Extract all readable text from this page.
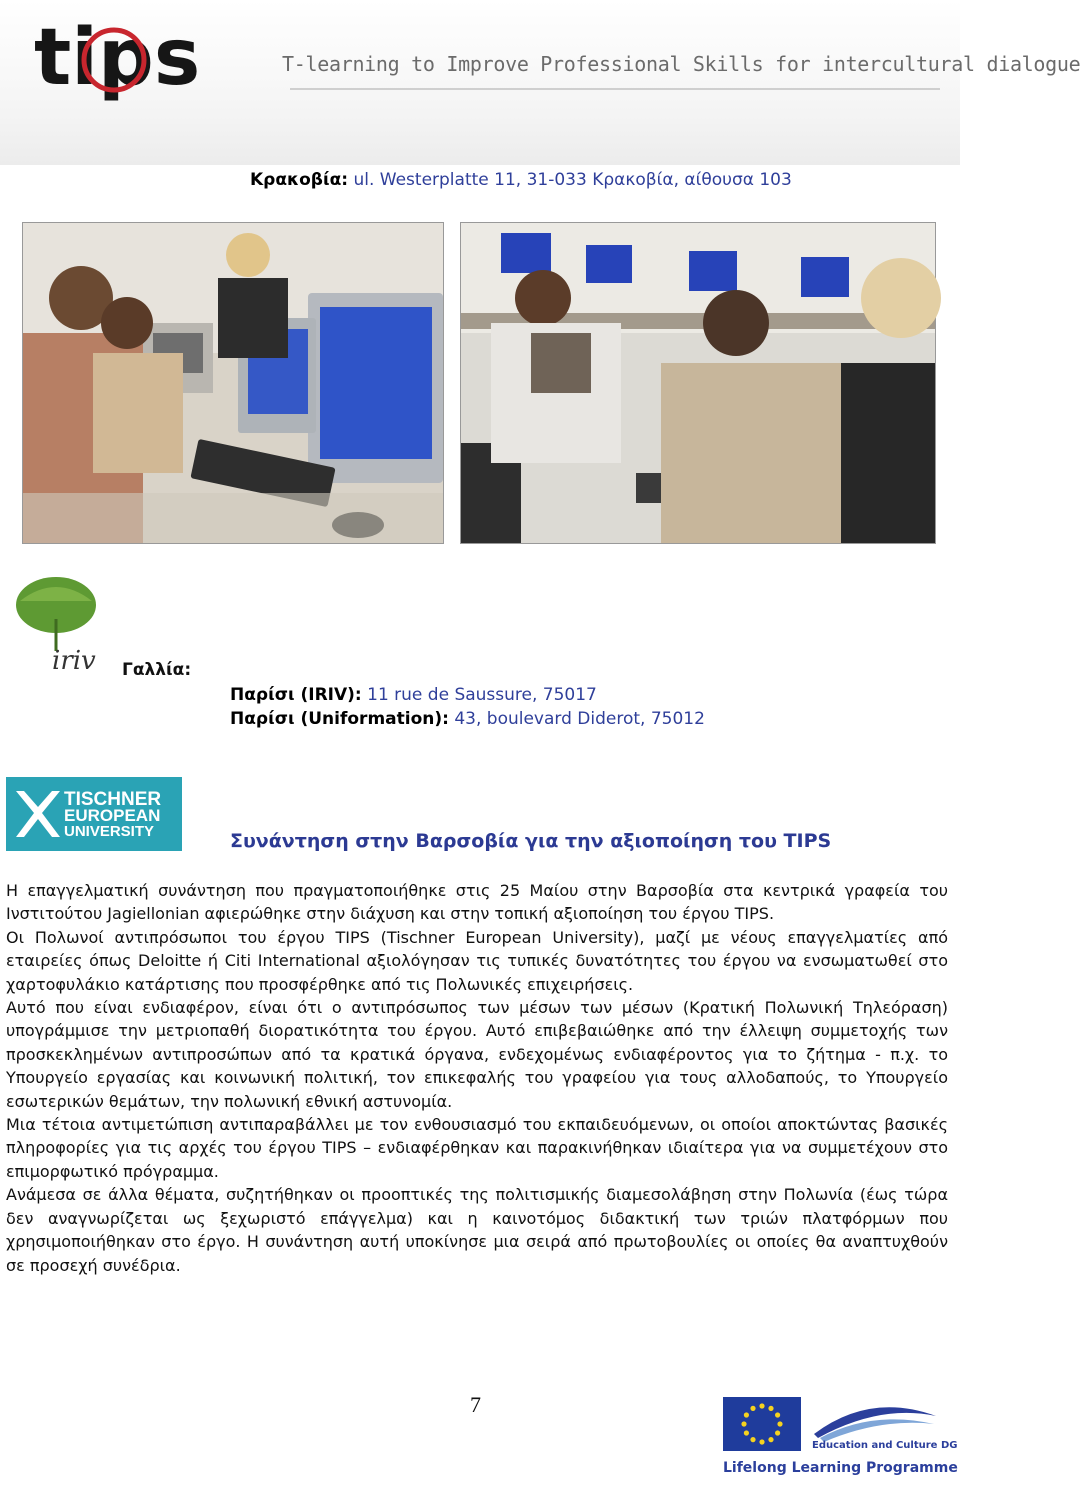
tips	T-learning to Improve Professional Skills for intercultural dialogue
Κρακοβία: ul. Westerplatte 11, 31-033 Κρακοβία, αίθουσα 103
iriv Γαλλία:
Παρίσι (IRIV): 11 rue de Saussure, 75017
Παρίσι (Uniformation): 43, boulevard Diderot, 75012
TISCHNER
EUROPEAN
UNIVERSITY	Συνάντηση στην Βαρσοβία για την αξιοποίηση του TIPS

Η επαγγελματική συνάντηση που πραγματοποιήθηκε στις 25 Μαίου στην Βαρσοβία στα κεντρικά γραφεία του Ινστιτούτου Jagiellonian αφιερώθηκε στην διάχυση και στην τοπική αξιοποίηση του έργου TIPS.

Οι Πολωνοί αντιπρόσωποι του έργου TIPS (Tischner European University), μαζί με νέους επαγγελματίες από εταιρείες όπως Deloitte ή Citi International αξιολόγησαν τις τυπικές δυνατότητες του έργου να ενσωματωθεί στο χαρτοφυλάκιο κατάρτισης που προσφέρθηκε από τις Πολωνικές επιχειρήσεις.

Αυτό που είναι ενδιαφέρον, είναι ότι ο αντιπρόσωπος των μέσων των μέσων (Κρατική Πολωνική Τηλεόραση) υπογράμμισε την μετριοπαθή διορατικότητα του έργου. Αυτό επιβεβαιώθηκε από την έλλειψη συμμετοχής των προσκεκλημένων αντιπροσώπων από τα κρατικά όργανα, ενδεχομένως ενδιαφέροντος για το ζήτημα - π.χ. το Υπουργείο εργασίας και κοινωνική πολιτική, τον επικεφαλής του γραφείου για τους αλλοδαπούς, το Υπουργείο εσωτερικών θεμάτων, την πολωνική εθνική αστυνομία.

Μια τέτοια αντιμετώπιση αντιπαραβάλλει με τον ενθουσιασμό του εκπαιδευόμενων, οι οποίοι αποκτώντας βασικές πληροφορίες για τις αρχές του έργου TIPS – ενδιαφέρθηκαν και παρακινήθηκαν ιδιαίτερα για να συμμετέχουν στο επιμορφωτικό πρόγραμμα.

Ανάμεσα σε άλλα θέματα, συζητήθηκαν οι προοπτικές της πολιτισμικής διαμεσολάβηση στην Πολωνία (έως τώρα δεν αναγνωρίζεται ως ξεχωριστό επάγγελμα) και η καινοτόμος διδακτική των τριών πλατφόρμων που χρησιμοποιήθηκαν στο έργο. Η συνάντηση αυτή υποκίνησε μια σειρά από πρωτοβουλίες οι οποίες θα αναπτυχθούν σε προσεχή συνέδρια.

7
Education and Culture DG
Lifelong Learning Programme
